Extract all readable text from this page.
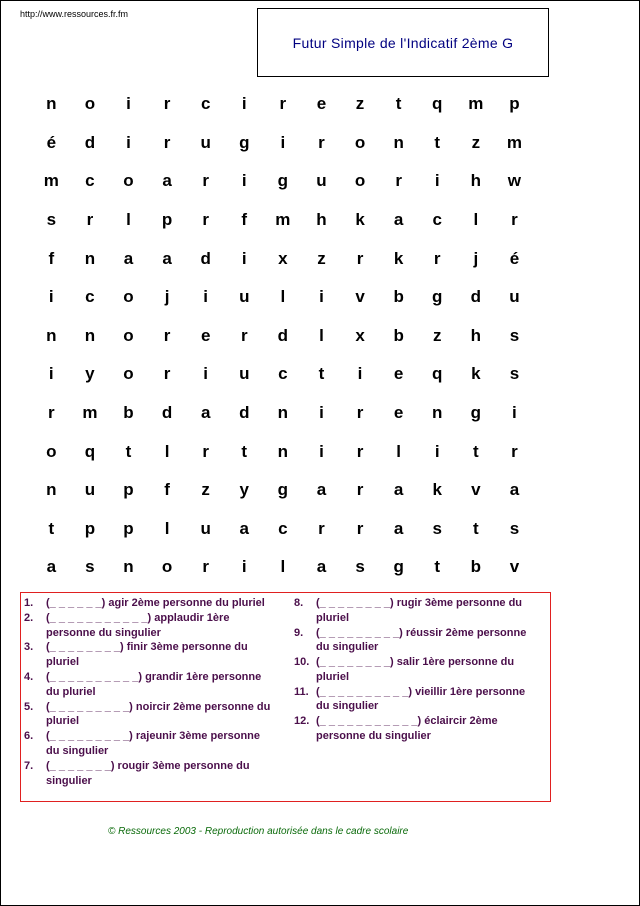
http://www.ressources.fr.fm
Futur Simple de l'Indicatif 2ème G
n	o	i	r	c	i	r	e	z	t	q	m	p
é	d	i	r	u	g	i	r	o	n	t	z	m
m	c	o	a	r	i	g	u	o	r	i	h	w
s	r	l	p	r	f	m	h	k	a	c	l	r
f	n	a	a	d	i	x	z	r	k	r	j	é
i	c	o	j	i	u	l	i	v	b	g	d	u
n	n	o	r	e	r	d	l	x	b	z	h	s
i	y	o	r	i	u	c	t	i	e	q	k	s
r	m	b	d	a	d	n	i	r	e	n	g	i
o	q	t	l	r	t	n	i	r	l	i	t	r
n	u	p	f	z	y	g	a	r	a	k	v	a
t	p	p	l	u	a	c	r	r	a	s	t	s
a	s	n	o	r	i	l	a	s	g	t	b	v
1. (_ _ _ _ _ _) agir 2ème personne du pluriel
2. (_ _ _ _ _ _ _ _ _ _ _) applaudir 1ère personne du singulier
3. (_ _ _ _ _ _ _ _) finir 3ème personne du pluriel
4. (_ _ _ _ _ _ _ _ _ _) grandir 1ère personne du pluriel
5. (_ _ _ _ _ _ _ _ _) noircir 2ème personne du pluriel
6. (_ _ _ _ _ _ _ _ _) rajeunir 3ème personne du singulier
7. (_ _ _ _ _ _ _) rougir 3ème personne du singulier
8. (_ _ _ _ _ _ _ _) rugir 3ème personne du pluriel
9. (_ _ _ _ _ _ _ _ _) réussir 2ème personne du singulier
10. (_ _ _ _ _ _ _ _) salir 1ère personne du pluriel
11. (_ _ _ _ _ _ _ _ _ _) vieillir 1ère personne du singulier
12. (_ _ _ _ _ _ _ _ _ _ _) éclaircir 2ème personne du singulier
© Ressources 2003 - Reproduction autorisée dans le cadre scolaire
